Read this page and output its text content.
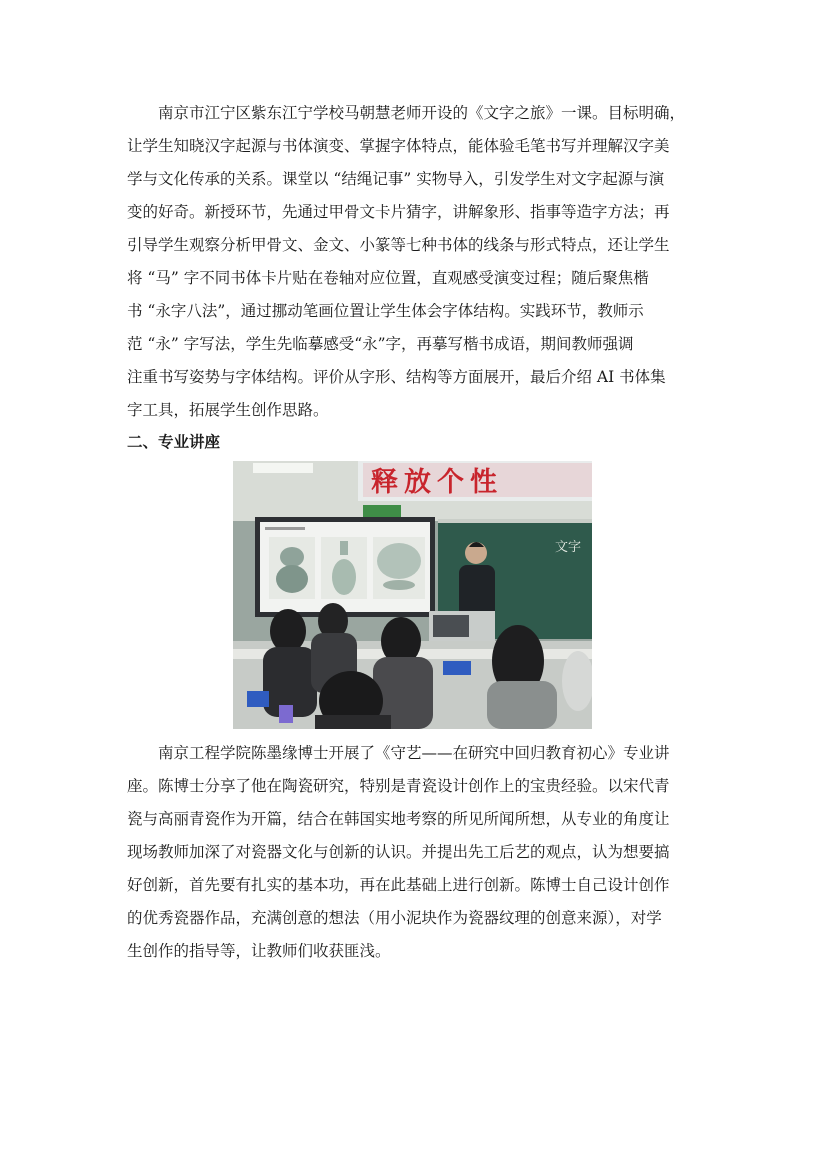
南京市江宁区紫东江宁学校马朝慧老师开设的《文字之旅》一课。目标明确，
让学生知晓汉字起源与书体演变、掌握字体特点，能体验毛笔书写并理解汉字美
学与文化传承的关系。课堂以 “结绳记事” 实物导入，引发学生对文字起源与演
变的好奇。新授环节，先通过甲骨文卡片猜字，讲解象形、指事等造字方法；再
引导学生观察分析甲骨文、金文、小篆等七种书体的线条与形式特点，还让学生
将 “马” 字不同书体卡片贴在卷轴对应位置，直观感受演变过程；随后聚焦楷
书 “永字八法”，通过挪动笔画位置让学生体会字体结构。实践环节，教师示
范 “永” 字写法，学生先临摹感受“永”字，再摹写楷书成语，期间教师强调
注重书写姿势与字体结构。评价从字形、结构等方面展开，最后介绍 AI 书体集
字工具，拓展学生创作思路。
二、专业讲座
释放个性
文字
南京工程学院陈墨缘博士开展了《守艺——在研究中回归教育初心》专业讲
座。陈博士分享了他在陶瓷研究，特别是青瓷设计创作上的宝贵经验。以宋代青
瓷与高丽青瓷作为开篇，结合在韩国实地考察的所见所闻所想，从专业的角度让
现场教师加深了对瓷器文化与创新的认识。并提出先工后艺的观点，认为想要搞
好创新，首先要有扎实的基本功，再在此基础上进行创新。陈博士自己设计创作
的优秀瓷器作品，充满创意的想法（用小泥块作为瓷器纹理的创意来源），对学
生创作的指导等，让教师们收获匪浅。
